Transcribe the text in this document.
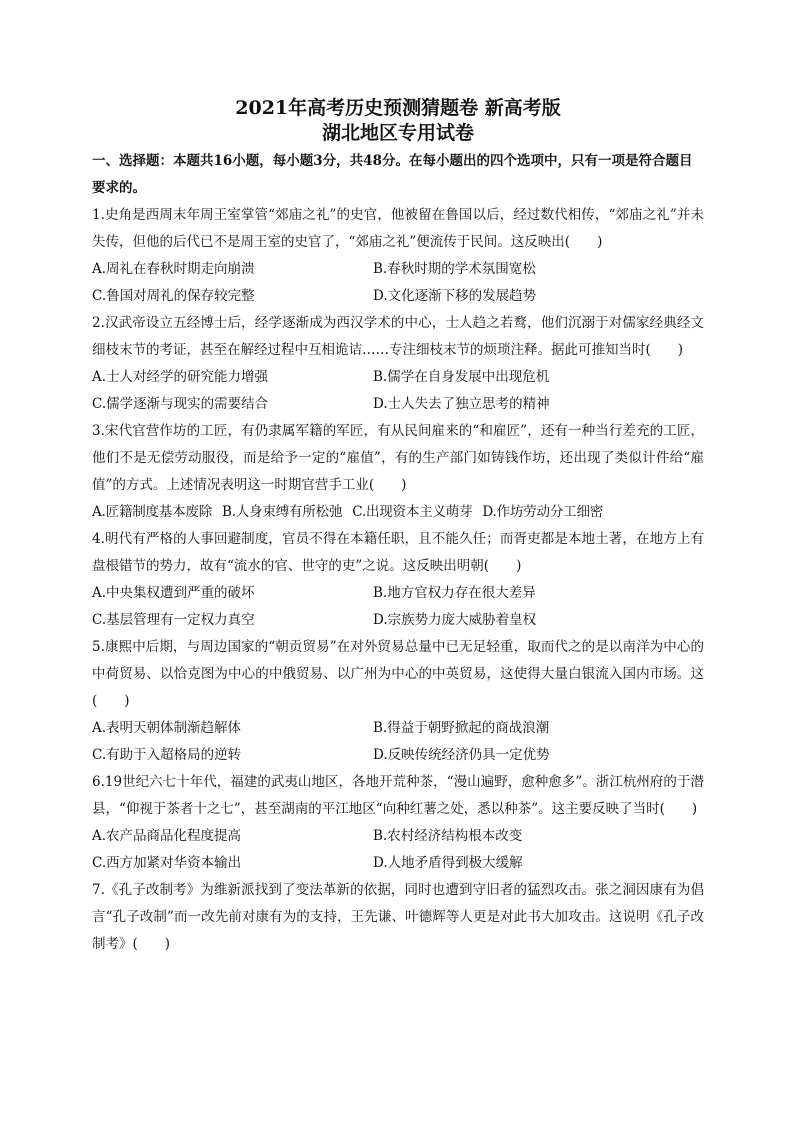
2021年高考历史预测猜题卷 新高考版
湖北地区专用试卷
一、选择题：本题共16小题，每小题3分，共48分。在每小题出的四个选项中，只有一项是符合题目要求的。
1.史角是西周末年周王室掌管“郊庙之礼”的史官，他被留在鲁国以后，经过数代相传，“郊庙之礼”并未失传，但他的后代已不是周王室的史官了，“郊庙之礼”便流传于民间。这反映出(　　)
A.周礼在春秋时期走向崩溃	B.春秋时期的学术氛围宽松
C.鲁国对周礼的保存较完整	D.文化逐渐下移的发展趋势
2.汉武帝设立五经博士后，经学逐渐成为西汉学术的中心，士人趋之若鹜，他们沉溺于对儒家经典经文细枝末节的考证，甚至在解经过程中互相诡诘……专注细枝末节的烦琐注释。据此可推知当时(　　)
A.士人对经学的研究能力增强	B.儒学在自身发展中出现危机
C.儒学逐渐与现实的需要结合	D.士人失去了独立思考的精神
3.宋代官营作坊的工匠，有仍隶属军籍的军匠，有从民间雇来的“和雇匠”，还有一种当行差充的工匠，他们不是无偿劳动服役，而是给予一定的“雇值”，有的生产部门如铸钱作坊，还出现了类似计件给“雇值”的方式。上述情况表明这一时期官营手工业(　　)
A.匠籍制度基本废除 B.人身束缚有所松弛 C.出现资本主义萌芽 D.作坊劳动分工细密
4.明代有严格的人事回避制度，官员不得在本籍任职，且不能久任；而胥吏都是本地土著，在地方上有盘根错节的势力，故有“流水的官、世守的吏”之说。这反映出明朝(　　)
A.中央集权遭到严重的破坏	B.地方官权力存在很大差异
C.基层管理有一定权力真空	D.宗族势力庞大威胁着皇权
5.康熙中后期，与周边国家的“朝贡贸易”在对外贸易总量中已无足轻重，取而代之的是以南洋为中心的中荷贸易、以恰克图为中心的中俄贸易、以广州为中心的中英贸易，这使得大量白银流入国内市场。这(　　)
A.表明天朝体制渐趋解体	B.得益于朝野掀起的商战浪潮
C.有助于入超格局的逆转	D.反映传统经济仍具一定优势
6.19世纪六七十年代，福建的武夷山地区，各地开荒种茶，“漫山遍野，愈种愈多”。浙江杭州府的于潜县，“仰视于茶者十之七”，甚至湖南的平江地区“向种红薯之处，悉以种茶”。这主要反映了当时(　　)
A.农产品商品化程度提高	B.农村经济结构根本改变
C.西方加紧对华资本输出	D.人地矛盾得到极大缓解
7.《孔子改制考》为维新派找到了变法革新的依据，同时也遭到守旧者的猛烈攻击。张之洞因康有为倡言“孔子改制”而一改先前对康有为的支持，王先谦、叶德辉等人更是对此书大加攻击。这说明《孔子改制考》(　　)
